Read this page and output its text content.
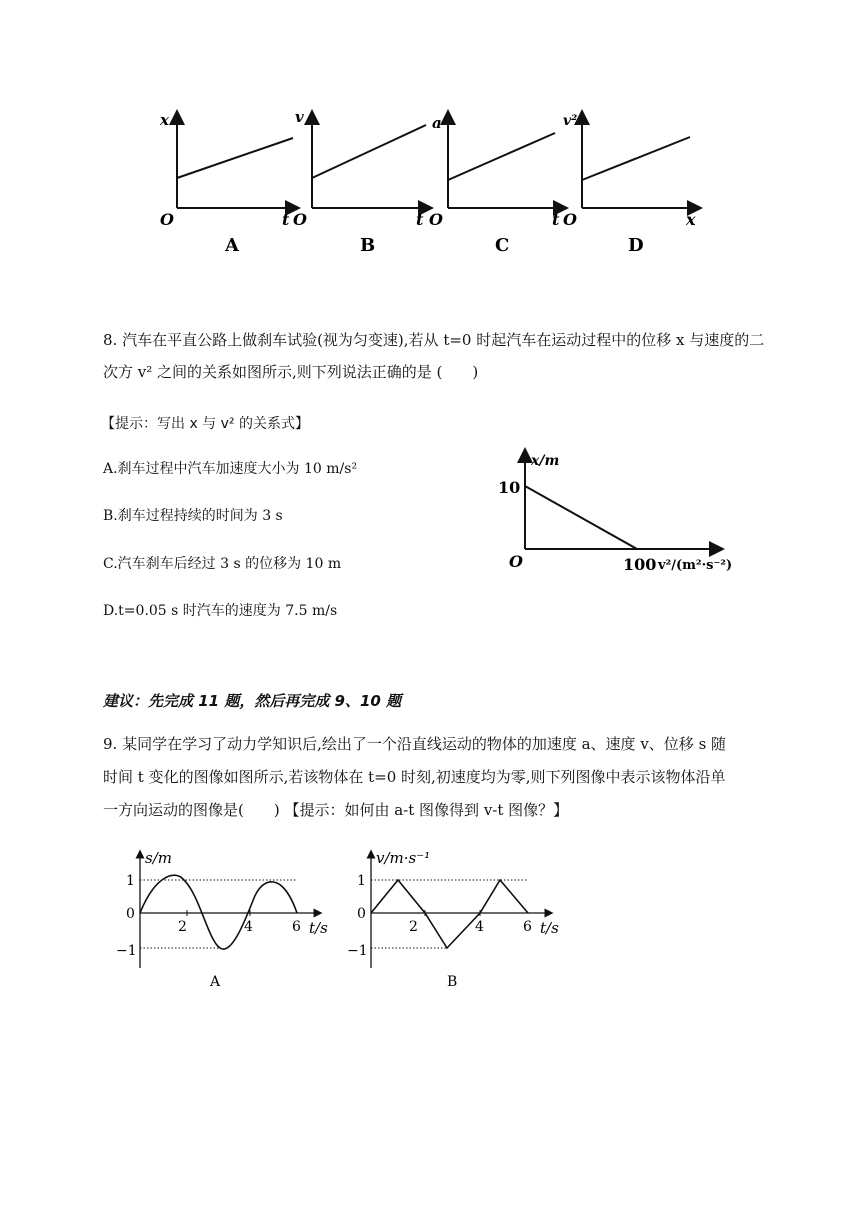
x
O	t
A
v
O	t
B
a
O	t
C
v²
O	x
D
8. 汽车在平直公路上做刹车试验(视为匀变速),若从 t=0 时起汽车在运动过程中的位移 x 与速度的二
次方 v² 之间的关系如图所示,则下列说法正确的是 (　　)
【提示：写出 x 与 v² 的关系式】
A.刹车过程中汽车加速度大小为 10 m/s²
B.刹车过程持续的时间为 3 s
C.汽车刹车后经过 3 s 的位移为 10 m
D.t=0.05 s 时汽车的速度为 7.5 m/s
x/m
10
O	100 v²/(m²·s⁻²)
建议：先完成 11 题，然后再完成 9、10 题
9. 某同学在学习了动力学知识后,绘出了一个沿直线运动的物体的加速度 a、速度 v、位移 s 随
时间 t 变化的图像如图所示,若该物体在 t=0 时刻,初速度均为零,则下列图像中表示该物体沿单
一方向运动的图像是(　　) 【提示：如何由 a-t 图像得到 v-t 图像？】
s/m
1
0
−1
2	4	6 t/s
A
v/m·s⁻¹
1
0
−1
2	4	6 t/s
B
